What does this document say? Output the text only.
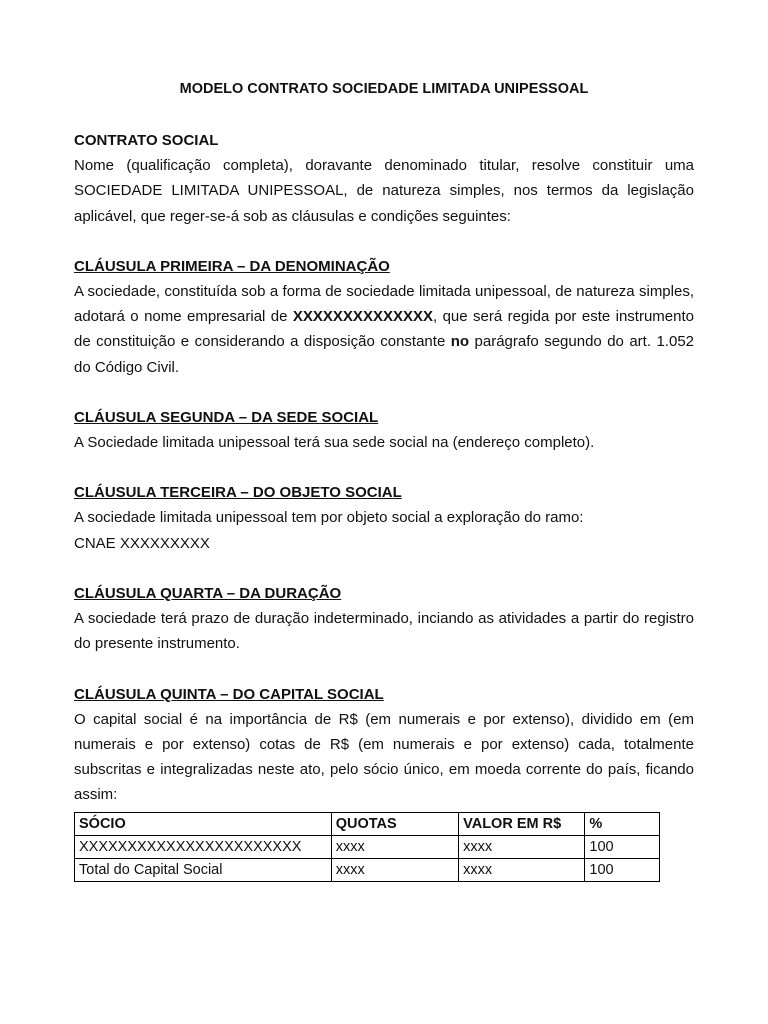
MODELO CONTRATO SOCIEDADE LIMITADA UNIPESSOAL
CONTRATO SOCIAL

Nome (qualificação completa), doravante denominado titular, resolve constituir uma SOCIEDADE LIMITADA UNIPESSOAL, de natureza simples, nos termos da legislação aplicável, que reger-se-á sob as cláusulas e condições seguintes:

CLÁUSULA PRIMEIRA – DA DENOMINAÇÃO

A sociedade, constituída sob a forma de sociedade limitada unipessoal, de natureza simples, adotará o nome empresarial de XXXXXXXXXXXXXX, que será regida por este instrumento de constituição e considerando a disposição constante no parágrafo segundo do art. 1.052 do Código Civil.

CLÁUSULA SEGUNDA – DA SEDE SOCIAL

A Sociedade limitada unipessoal terá sua sede social na (endereço completo).

CLÁUSULA TERCEIRA – DO OBJETO SOCIAL

A sociedade limitada unipessoal tem por objeto social a exploração do ramo:

CNAE XXXXXXXXX

CLÁUSULA QUARTA – DA DURAÇÃO

A sociedade terá prazo de duração indeterminado, inciando as atividades a partir do registro do presente instrumento.

CLÁUSULA QUINTA – DO CAPITAL SOCIAL

O capital social é na importância de R$ (em numerais e por extenso), dividido em (em numerais e por extenso) cotas de R$ (em numerais e por extenso) cada, totalmente subscritas e integralizadas neste ato, pelo sócio único, em moeda corrente do país, ficando assim:

SÓCIO	QUOTAS	VALOR EM R$	%
XXXXXXXXXXXXXXXXXXXXXXX	xxxx	xxxx	100
Total do Capital Social	xxxx	xxxx	100
